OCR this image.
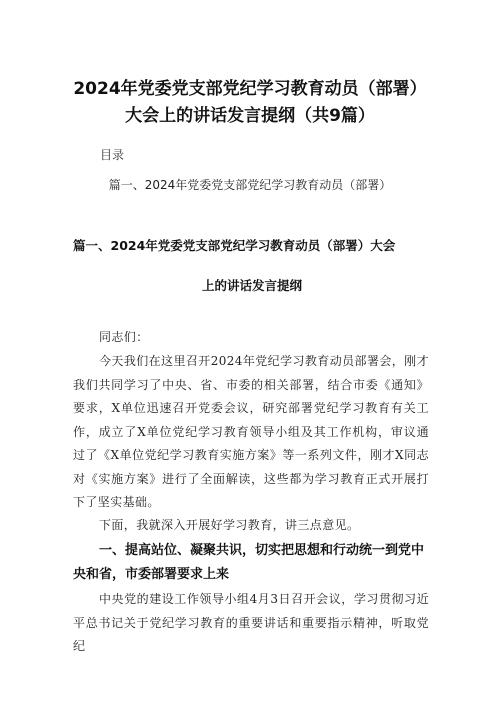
2024年党委党支部党纪学习教育动员（部署）
大会上的讲话发言提纲（共9篇）
目录
篇一、2024年党委党支部党纪学习教育动员（部署）
篇一、2024年党委党支部党纪学习教育动员（部署）大会
上的讲话发言提纲
同志们：
今天我们在这里召开2024年党纪学习教育动员部署会，刚才我们共同学习了中央、省、市委的相关部署，结合市委《通知》要求，X单位迅速召开党委会议，研究部署党纪学习教育有关工作，成立了X单位党纪学习教育领导小组及其工作机构，审议通过了《X单位党纪学习教育实施方案》等一系列文件，刚才X同志对《实施方案》进行了全面解读，这些都为学习教育正式开展打下了坚实基础。
下面，我就深入开展好学习教育，讲三点意见。
一、提高站位、凝聚共识，切实把思想和行动统一到党中央和省，市委部署要求上来
中央党的建设工作领导小组4月3日召开会议，学习贯彻习近平总书记关于党纪学习教育的重要讲话和重要指示精神，听取党纪
